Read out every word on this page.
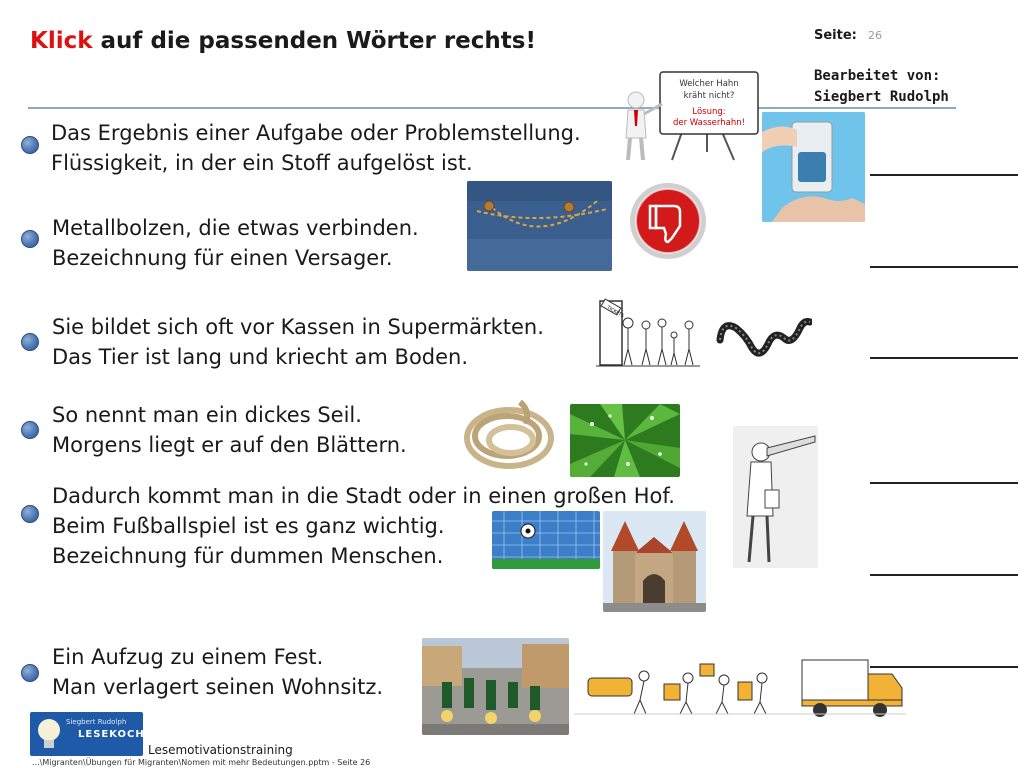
Klick auf die passenden Wörter rechts!	Seite: 26
Bearbeitet von:
Siegbert Rudolph
Welcher Hahn
kräht nicht?
Lösung:
der Wasserhahn!
Das Ergebnis einer Aufgabe oder Problemstellung.
Flüssigkeit, in der ein Stoff aufgelöst ist.
Metallbolzen, die etwas verbinden.
Bezeichnung für einen Versager.
Sie bildet sich oft vor Kassen in Supermärkten.
Das Tier ist lang und kriecht am Boden.
TICKETS
So nennt man ein dickes Seil.
Morgens liegt er auf den Blättern.
Dadurch kommt man in die Stadt oder in einen großen Hof.
Beim Fußballspiel ist es ganz wichtig.
Bezeichnung für dummen Menschen.
Ein Aufzug zu einem Fest.
Man verlagert seinen Wohnsitz.
Siegbert Rudolph
LESEKOCH
Lesemotivationstraining
...\Migranten\Übungen für Migranten\Nomen mit mehr Bedeutungen.pptm - Seite 26
